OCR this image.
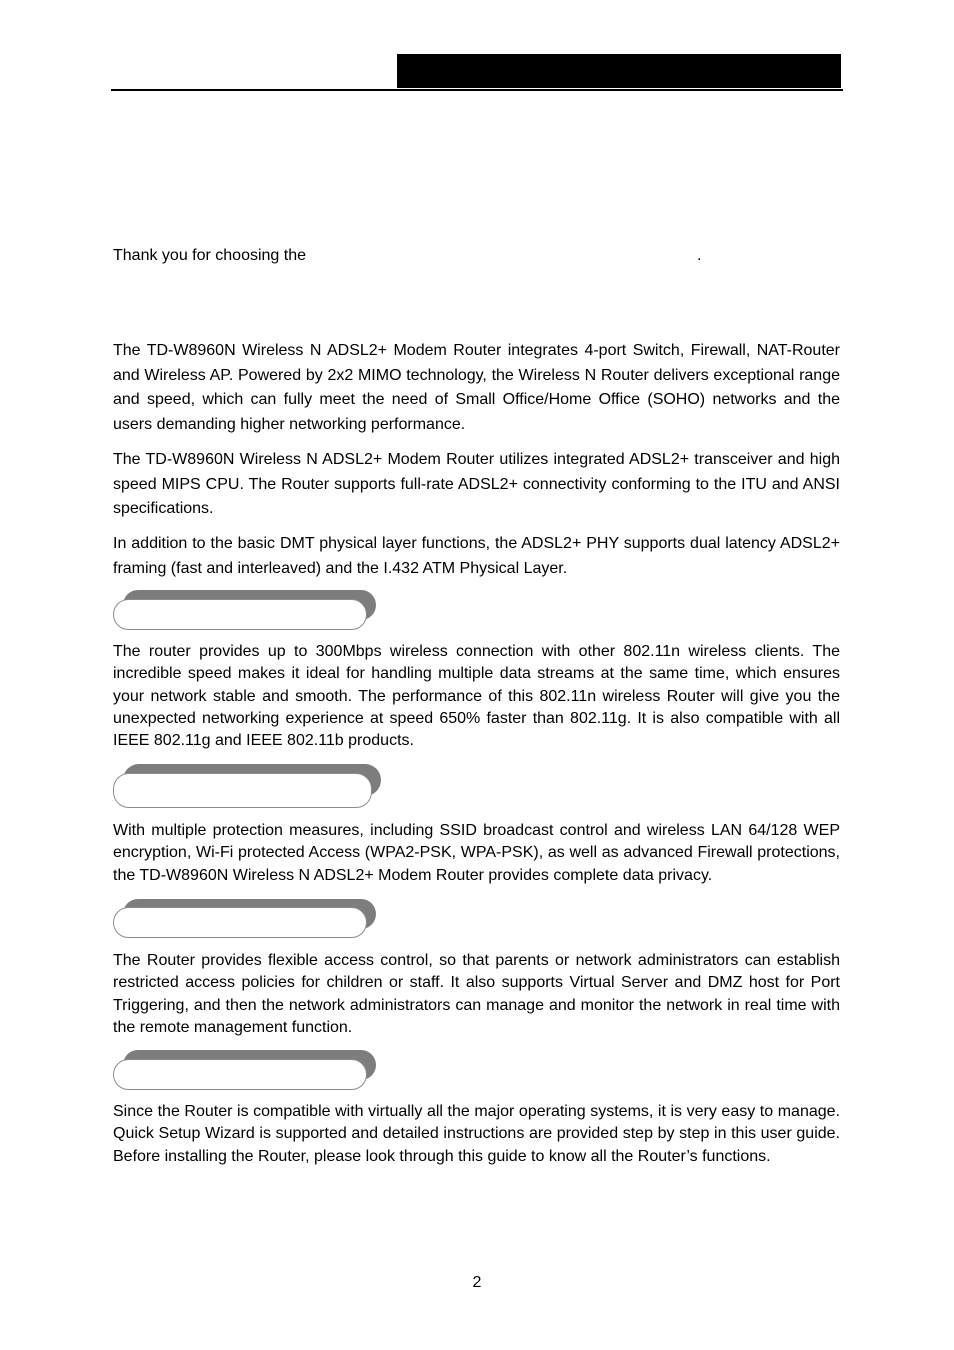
Thank you for choosing the	.

The TD-W8960N Wireless N ADSL2+ Modem Router integrates 4-port Switch, Firewall, NAT-Router and Wireless AP. Powered by 2x2 MIMO technology, the Wireless N Router delivers exceptional range and speed, which can fully meet the need of Small Office/Home Office (SOHO) networks and the users demanding higher networking performance.

The TD-W8960N Wireless N ADSL2+ Modem Router utilizes integrated ADSL2+ transceiver and high speed MIPS CPU. The Router supports full-rate ADSL2+ connectivity conforming to the ITU and ANSI specifications.

In addition to the basic DMT physical layer functions, the ADSL2+ PHY supports dual latency ADSL2+ framing (fast and interleaved) and the I.432 ATM Physical Layer.

The router provides up to 300Mbps wireless connection with other 802.11n wireless clients. The incredible speed makes it ideal for handling multiple data streams at the same time, which ensures your network stable and smooth. The performance of this 802.11n wireless Router will give you the unexpected networking experience at speed 650% faster than 802.11g. It is also compatible with all IEEE 802.11g and IEEE 802.11b products.

With multiple protection measures, including SSID broadcast control and wireless LAN 64/128 WEP encryption, Wi-Fi protected Access (WPA2-PSK, WPA-PSK), as well as advanced Firewall protections, the TD-W8960N Wireless N ADSL2+ Modem Router provides complete data privacy.

The Router provides flexible access control, so that parents or network administrators can establish restricted access policies for children or staff. It also supports Virtual Server and DMZ host for Port Triggering, and then the network administrators can manage and monitor the network in real time with the remote management function.

Since the Router is compatible with virtually all the major operating systems, it is very easy to manage. Quick Setup Wizard is supported and detailed instructions are provided step by step in this user guide. Before installing the Router, please look through this guide to know all the Router’s functions.

2
